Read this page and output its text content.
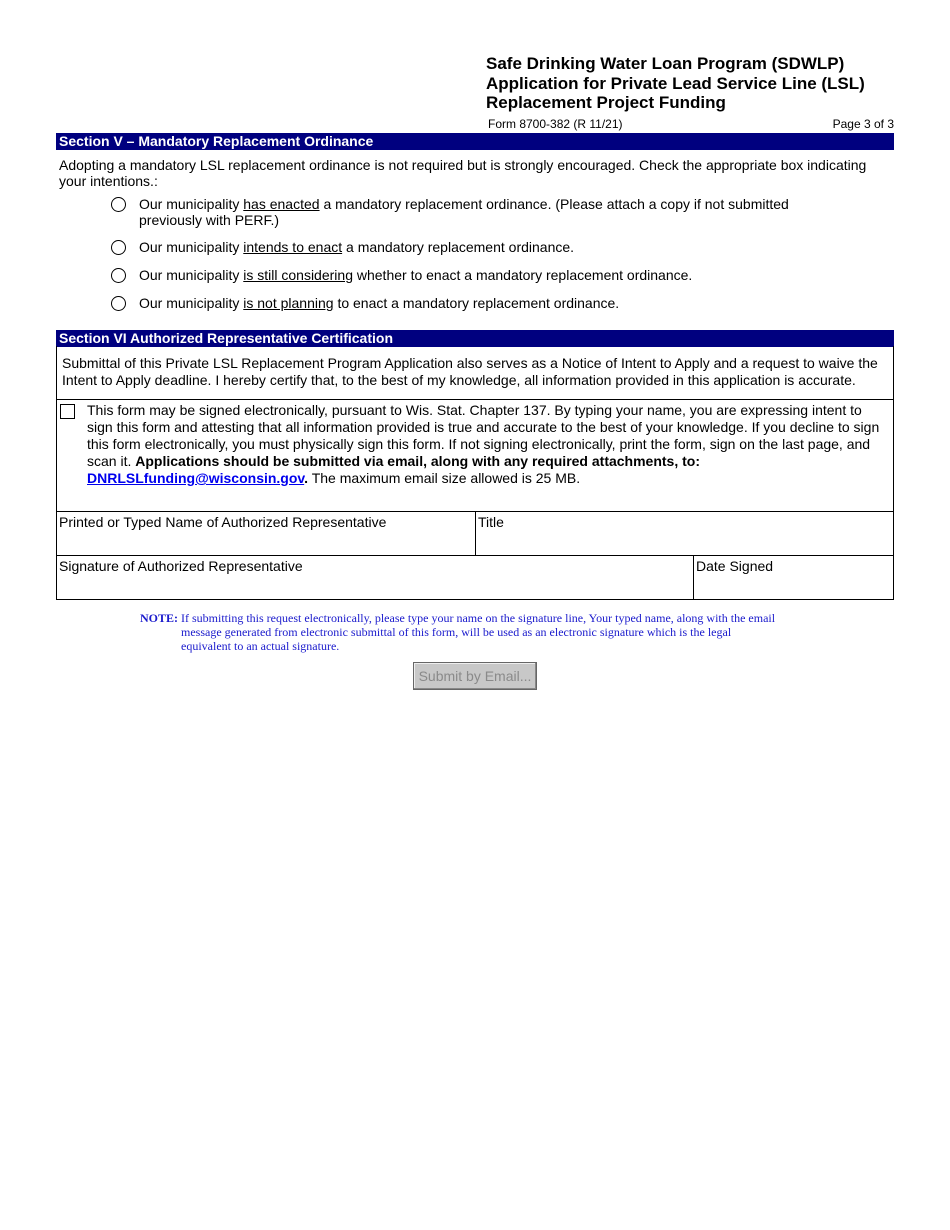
Safe Drinking Water Loan Program (SDWLP)
Application for Private Lead Service Line (LSL)
Replacement Project Funding
Form 8700-382 (R 11/21)	Page 3 of 3
Section V – Mandatory Replacement Ordinance
Adopting a mandatory LSL replacement ordinance is not required but is strongly encouraged. Check the appropriate box indicating your intentions.:
Our municipality has enacted a mandatory replacement ordinance. (Please attach a copy if not submitted previously with PERF.)
Our municipality intends to enact a mandatory replacement ordinance.
Our municipality is still considering whether to enact a mandatory replacement ordinance.
Our municipality is not planning to enact a mandatory replacement ordinance.
Section VI Authorized Representative Certification
Submittal of this Private LSL Replacement Program Application also serves as a Notice of Intent to Apply and a request to waive the Intent to Apply deadline. I hereby certify that, to the best of my knowledge, all information provided in this application is accurate.
This form may be signed electronically, pursuant to Wis. Stat. Chapter 137. By typing your name, you are expressing intent to sign this form and attesting that all information provided is true and accurate to the best of your knowledge. If you decline to sign this form electronically, you must physically sign this form. If not signing electronically, print the form, sign on the last page, and scan it. Applications should be submitted via email, along with any required attachments, to:
DNRLSLfunding@wisconsin.gov. The maximum email size allowed is 25 MB.
Printed or Typed Name of Authorized Representative	Title
Signature of Authorized Representative	Date Signed
NOTE: If submitting this request electronically, please type your name on the signature line, Your typed name, along with the email message generated from electronic submittal of this form, will be used as an electronic signature which is the legal equivalent to an actual signature.
Submit by Email...
